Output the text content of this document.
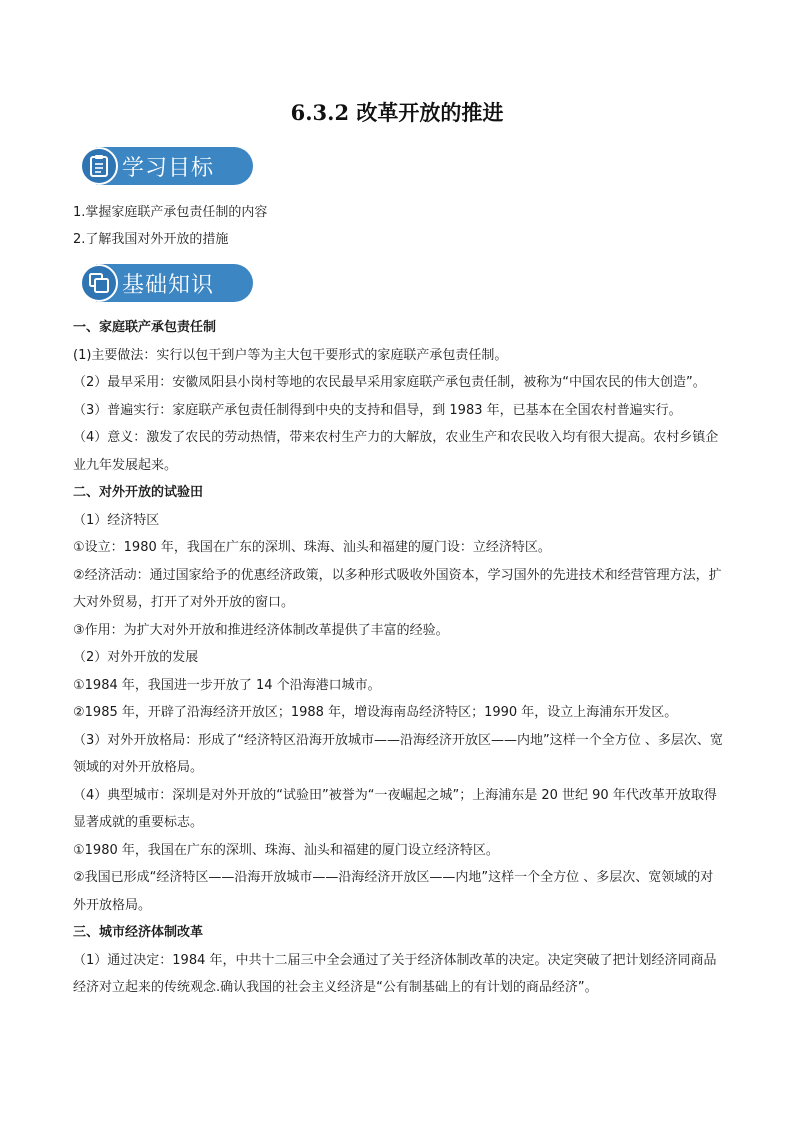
6.3.2 改革开放的推进
学习目标

1.掌握家庭联产承包责任制的内容

2.了解我国对外开放的措施

基础知识

一、家庭联产承包责任制

(1)主要做法：实行以包干到户等为主大包干要形式的家庭联产承包责任制。

（2）最早采用：安徽凤阳县小岗村等地的农民最早采用家庭联产承包责任制，被称为“中国农民的伟大创造”。

（3）普遍实行：家庭联产承包责任制得到中央的支持和倡导，到 1983 年，已基本在全国农村普遍实行。

（4）意义：激发了农民的劳动热情，带来农村生产力的大解放，农业生产和农民收入均有很大提高。农村乡镇企业九年发展起来。

二、对外开放的试验田

（1）经济特区

①设立：1980 年，我国在广东的深圳、珠海、汕头和福建的厦门设：立经济特区。

②经济活动：通过国家给予的优惠经济政策，以多种形式吸收外国资本，学习国外的先进技术和经营管理方法，扩大对外贸易，打开了对外开放的窗口。

③作用：为扩大对外开放和推进经济体制改革提供了丰富的经验。

（2）对外开放的发展

①1984 年，我国进一步开放了 14 个沿海港口城市。

②1985 年，开辟了沿海经济开放区；1988 年，增设海南岛经济特区；1990 年，设立上海浦东开发区。

（3）对外开放格局：形成了“经济特区沿海开放城市——沿海经济开放区——内地”这样一个全方位 、多层次、宽领域的对外开放格局。

（4）典型城市：深圳是对外开放的“试验田”被誉为“一夜崛起之城”；上海浦东是 20 世纪 90 年代改革开放取得显著成就的重要标志。

①1980 年，我国在广东的深圳、珠海、汕头和福建的厦门设立经济特区。

②我国已形成“经济特区——沿海开放城市——沿海经济开放区——内地”这样一个全方位 、多层次、宽领域的对外开放格局。

三、城市经济体制改革

（1）通过决定：1984 年，中共十二届三中全会通过了关于经济体制改革的决定。决定突破了把计划经济同商品经济对立起来的传统观念.确认我国的社会主义经济是“公有制基础上的有计划的商品经济”。
